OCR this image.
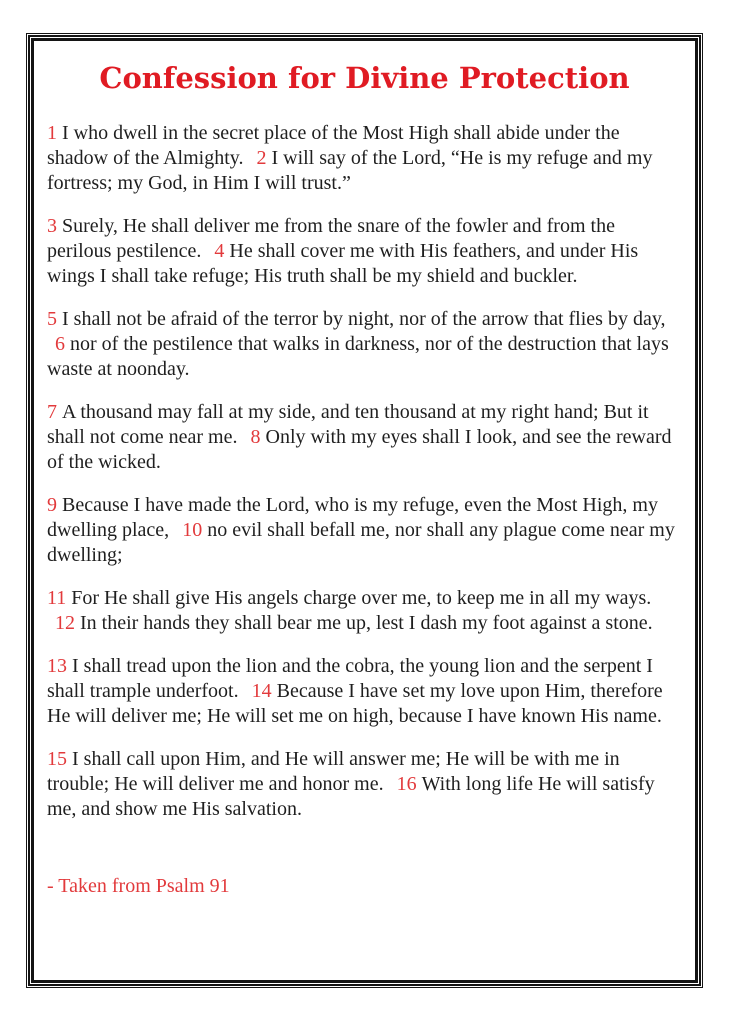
Confession for Divine Protection

1 I who dwell in the secret place of the Most High shall abide under the shadow of the Almighty. 2 I will say of the Lord, “He is my refuge and my fortress; my God, in Him I will trust.”

3 Surely, He shall deliver me from the snare of the fowler and from the perilous pestilence. 4 He shall cover me with His feathers, and under His wings I shall take refuge; His truth shall be my shield and buckler.

5 I shall not be afraid of the terror by night, nor of the arrow that flies by day, 6 nor of the pestilence that walks in darkness, nor of the destruction that lays waste at noonday.

7 A thousand may fall at my side, and ten thousand at my right hand; But it shall not come near me. 8 Only with my eyes shall I look, and see the reward of the wicked.

9 Because I have made the Lord, who is my refuge, even the Most High, my dwelling place, 10 no evil shall befall me, nor shall any plague come near my dwelling;

11 For He shall give His angels charge over me, to keep me in all my ways. 12 In their hands they shall bear me up, lest I dash my foot against a stone.

13 I shall tread upon the lion and the cobra, the young lion and the serpent I shall trample underfoot. 14 Because I have set my love upon Him, therefore He will deliver me; He will set me on high, because I have known His name.

15 I shall call upon Him, and He will answer me; He will be with me in trouble; He will deliver me and honor me. 16 With long life He will satisfy me, and show me His salvation.

- Taken from Psalm 91
